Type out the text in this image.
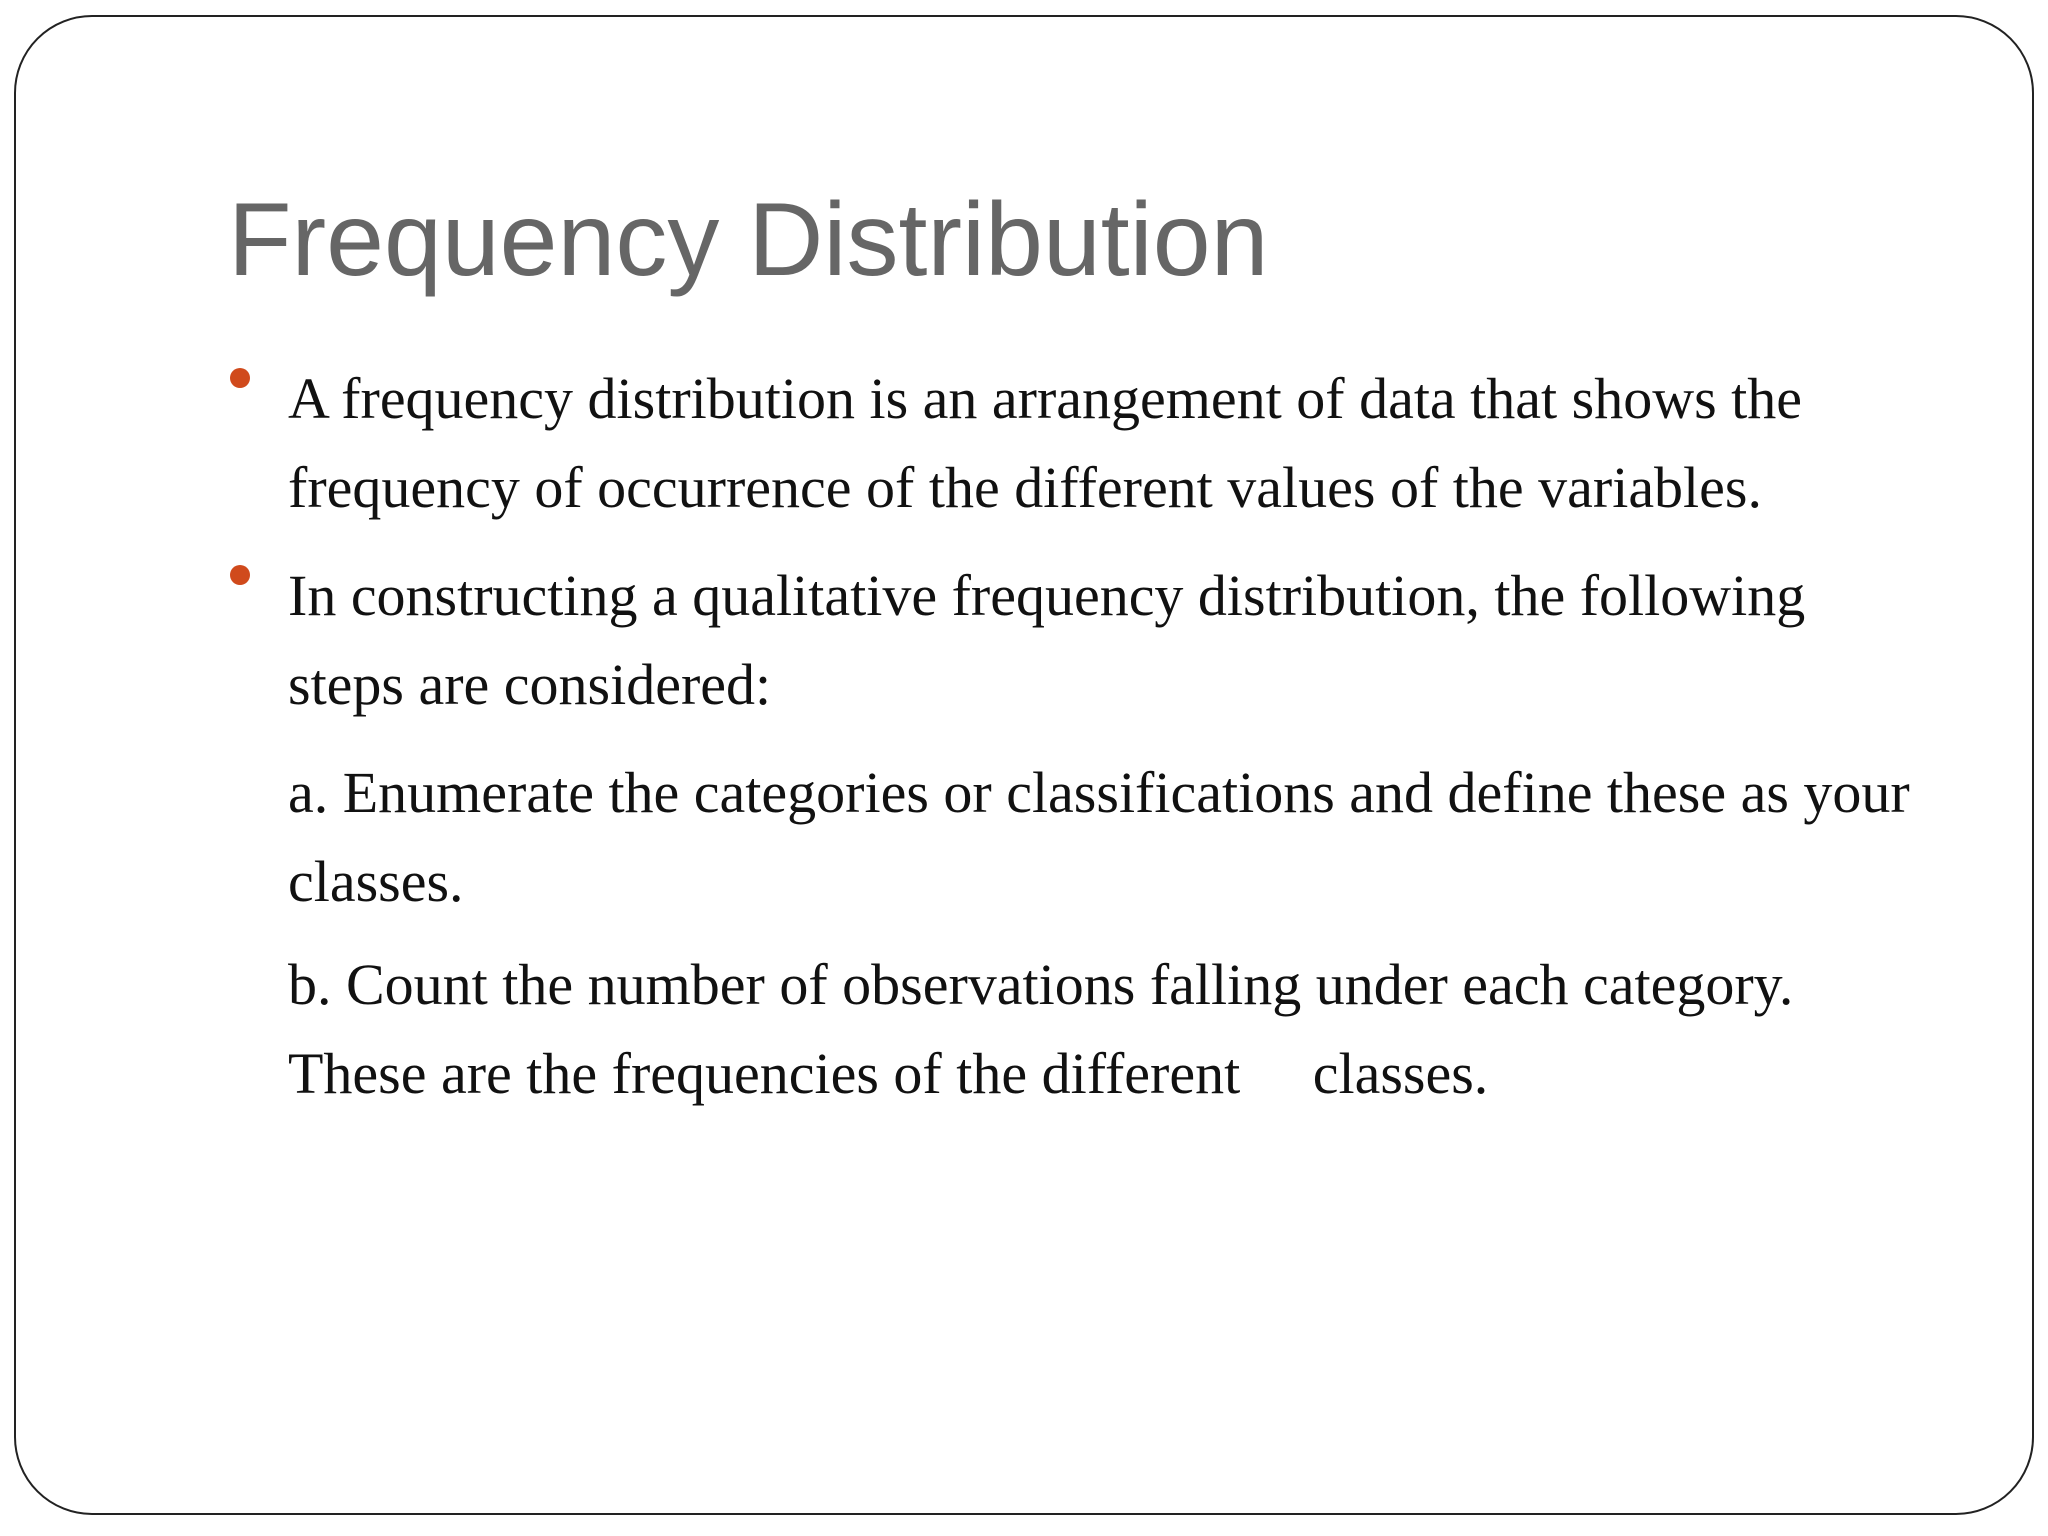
Frequency Distribution
A frequency distribution is an arrangement of data that shows the frequency of occurrence of the different values of the variables.
In constructing a qualitative frequency distribution, the following steps are considered:
a. Enumerate the categories or classifications and define these as your classes.
b. Count the number of observations falling under each category. These are the frequencies of the different classes.
